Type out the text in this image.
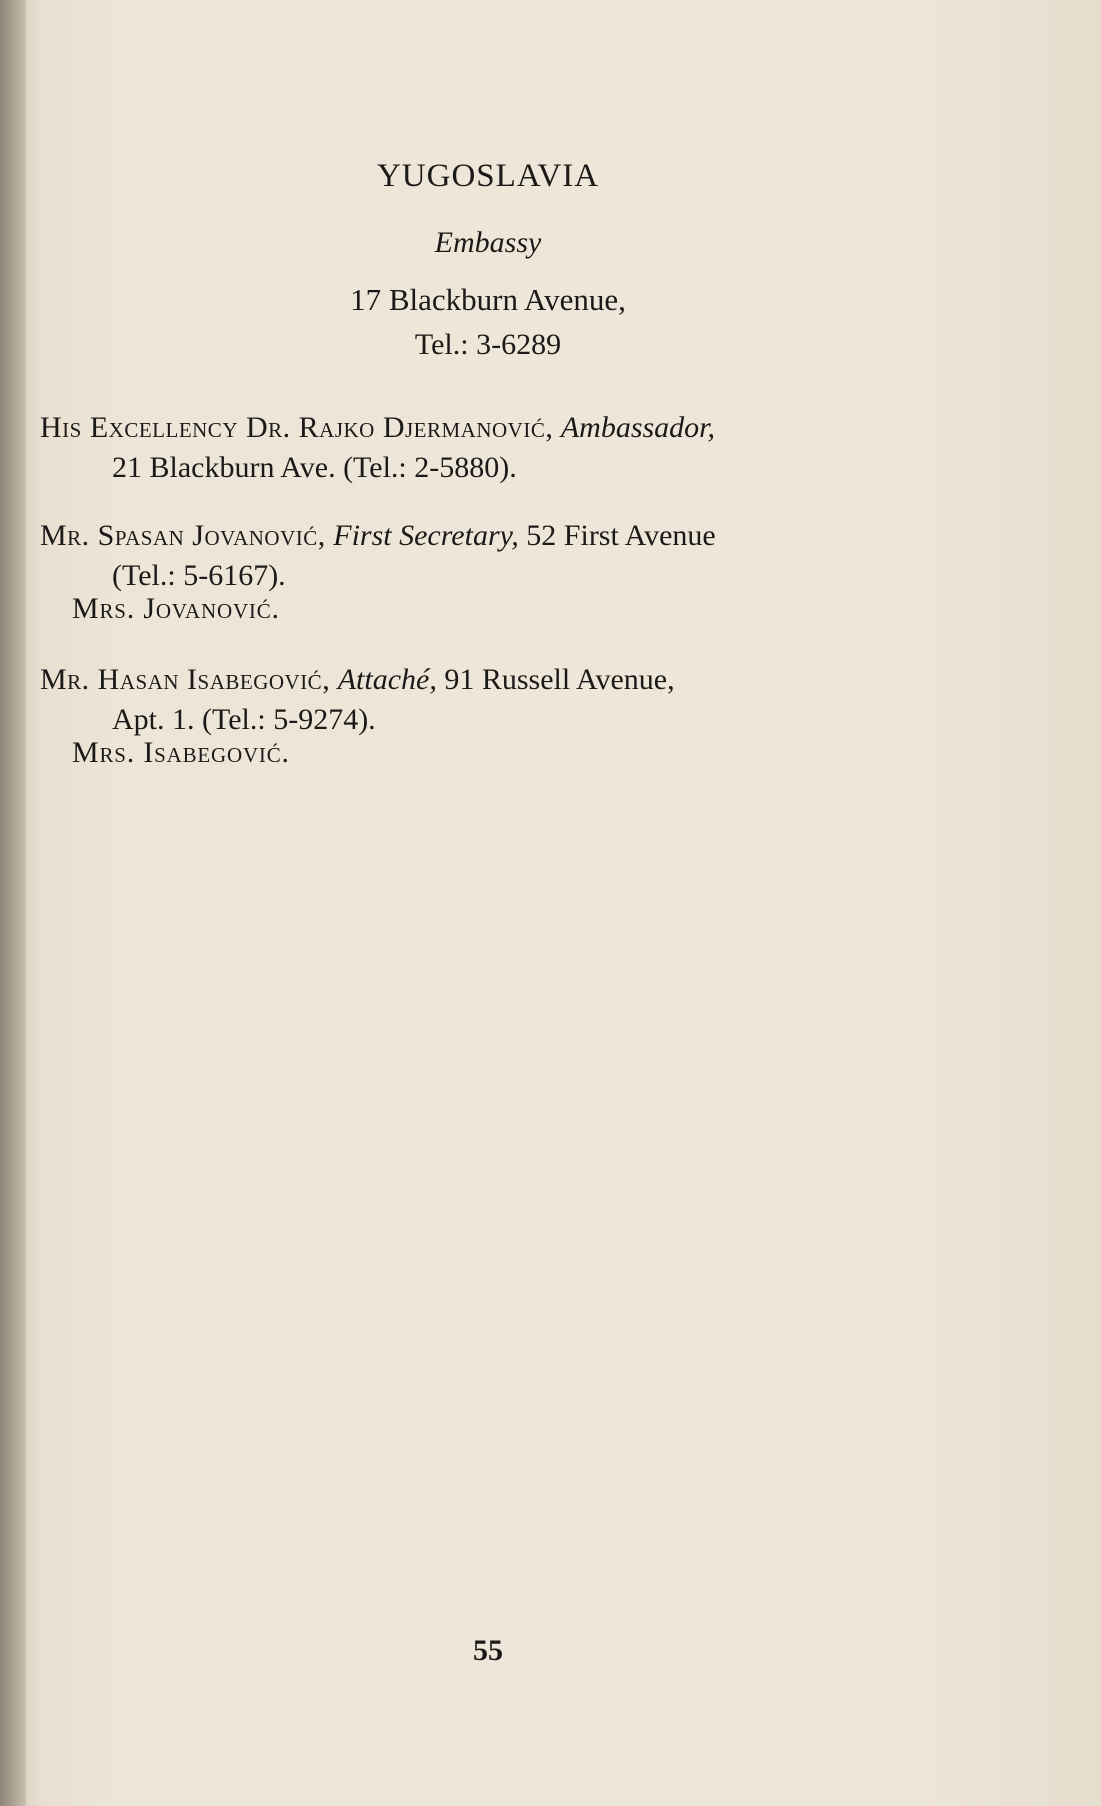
YUGOSLAVIA
Embassy
17 Blackburn Avenue,
Tel.: 3-6289
His Excellency Dr. Rajko Djermanović, Ambassador,
21 Blackburn Ave. (Tel.: 2-5880).
Mr. Spasan Jovanović, First Secretary, 52 First Avenue
(Tel.: 5-6167).
Mrs. Jovanović.
Mr. Hasan Isabegović, Attaché, 91 Russell Avenue,
Apt. 1. (Tel.: 5-9274).
Mrs. Isabegović.
55
